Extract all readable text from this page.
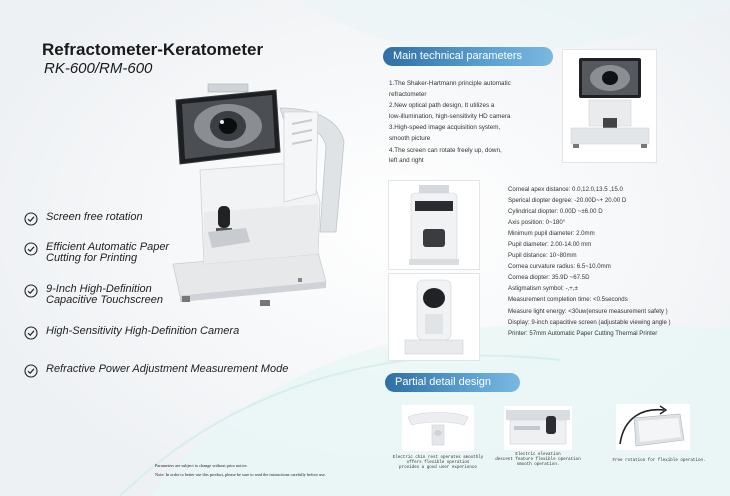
Refractometer-Keratometer
RK-600/RM-600
Screen free rotation
Efficient Automatic Paper
Cutting for Printing
9-Inch High-Definition
Capacitive Touchscreen
High-Sensitivity High-Definition Camera
Refractive Power Adjustment Measurement Mode
Main technical parameters
1.The Shaker-Hartmann principle automatic
refractometer
2.New optical path design, It utilizes a
low-illumination, high-sensitivity HD camera
3.High-speed image acquisition system,
smooth picture
4.The screen can rotate freely up, down,
left and right
Corneal apex distance: 0.0,12.0,13.5 ,15.0
Sperical diopter degree: -20.00D~+ 20.00 D
Cylindrical diopter: 0.00D ~±6.00 D
Axis position: 0~180°
Minimum pupil diameter: 2.0mm
Pupil diameter: 2.00-14.00 mm
Pupil distance: 10~80mm
Cornea curvature radius: 6.5~10.0mm
Cornea diopter: 35.9D ~67.5D
Astigmatism symbol: -,+,±
Measurement completion time: <0.5seconds
Measure light energy: <30uw(ensure measurement safety )
Display: 9-inch capacitive screen (adjustable viewing angle )
Printer: 57mm Automatic Paper Cutting Thermal Printer
Partial detail design
Electric chin rest operates smoothly
offers flexible operation
provides a good user experience
Electric elevation
descent feature flexible operation
smooth operation.
Free rotation for flexible operation.
Parameters are subject to change without prior notice.
Note: In order to better use this product, please be sure to read the instructions carefully before use.
